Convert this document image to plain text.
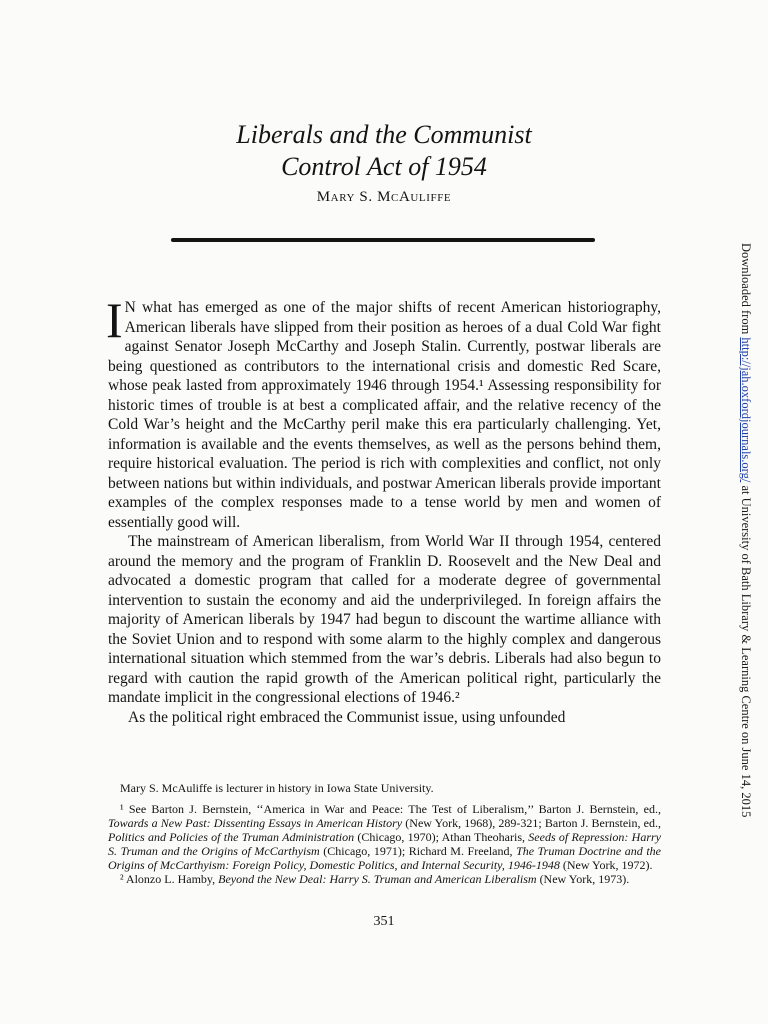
Liberals and the Communist
Control Act of 1954
Mary S. McAuliffe

I N what has emerged as one of the major shifts of recent American historiography, American liberals have slipped from their position as heroes of a dual Cold War fight against Senator Joseph McCarthy and Joseph Stalin. Currently, postwar liberals are being questioned as contributors to the international crisis and domestic Red Scare, whose peak lasted from approximately 1946 through 1954.¹ Assessing responsibility for historic times of trouble is at best a complicated affair, and the relative recency of the Cold War’s height and the McCarthy peril make this era particularly challenging. Yet, information is available and the events themselves, as well as the persons behind them, require historical evaluation. The period is rich with complexities and conflict, not only between nations but within individuals, and postwar American liberals provide important examples of the complex responses made to a tense world by men and women of essentially good will.

The mainstream of American liberalism, from World War II through 1954, centered around the memory and the program of Franklin D. Roosevelt and the New Deal and advocated a domestic program that called for a moderate degree of governmental intervention to sustain the economy and aid the underprivileged. In foreign affairs the majority of American liberals by 1947 had begun to discount the wartime alliance with the Soviet Union and to respond with some alarm to the highly complex and dangerous international situation which stemmed from the war’s debris. Liberals had also begun to regard with caution the rapid growth of the American political right, particularly the mandate implicit in the congressional elections of 1946.²

As the political right embraced the Communist issue, using unfounded

Mary S. McAuliffe is lecturer in history in Iowa State University.

¹ See Barton J. Bernstein, ‘‘America in War and Peace: The Test of Liberalism,’’ Barton J. Bernstein, ed., Towards a New Past: Dissenting Essays in American History (New York, 1968), 289-321; Barton J. Bernstein, ed., Politics and Policies of the Truman Administration (Chicago, 1970); Athan Theoharis, Seeds of Repression: Harry S. Truman and the Origins of McCarthyism (Chicago, 1971); Richard M. Freeland, The Truman Doctrine and the Origins of McCarthyism: Foreign Policy, Domestic Politics, and Internal Security, 1946-1948 (New York, 1972).

² Alonzo L. Hamby, Beyond the New Deal: Harry S. Truman and American Liberalism (New York, 1973).

351
Downloaded from http://jah.oxfordjournals.org/ at University of Bath Library & Learning Centre on June 14, 2015
